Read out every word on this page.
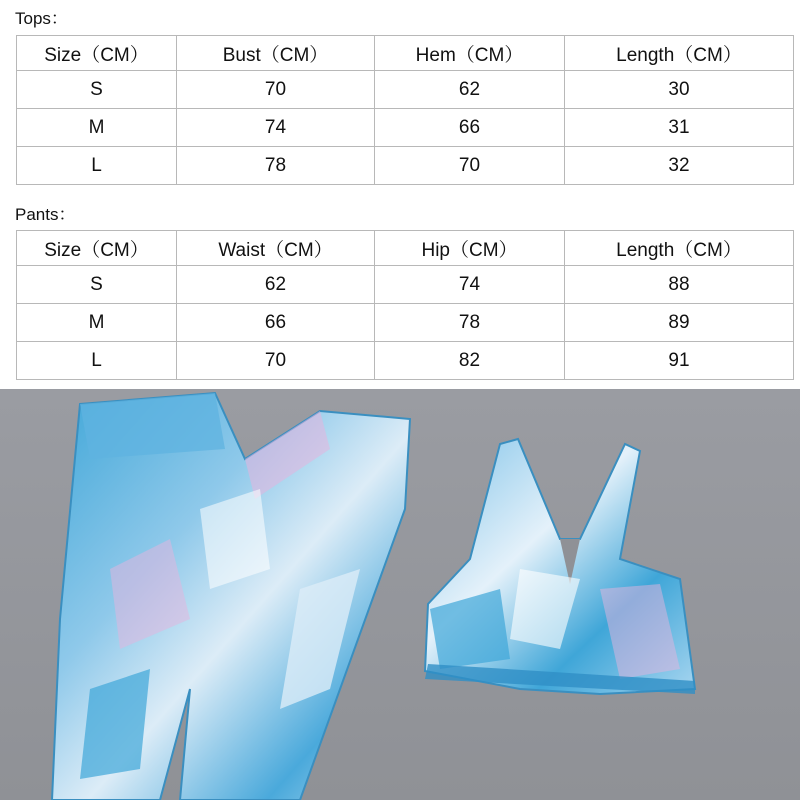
Tops：
Size（CM）	Bust（CM）	Hem（CM）	Length（CM）
S	70	62	30
M	74	66	31
L	78	70	32
Pants：
Size（CM）	Waist（CM）	Hip（CM）	Length（CM）
S	62	74	88
M	66	78	89
L	70	82	91
